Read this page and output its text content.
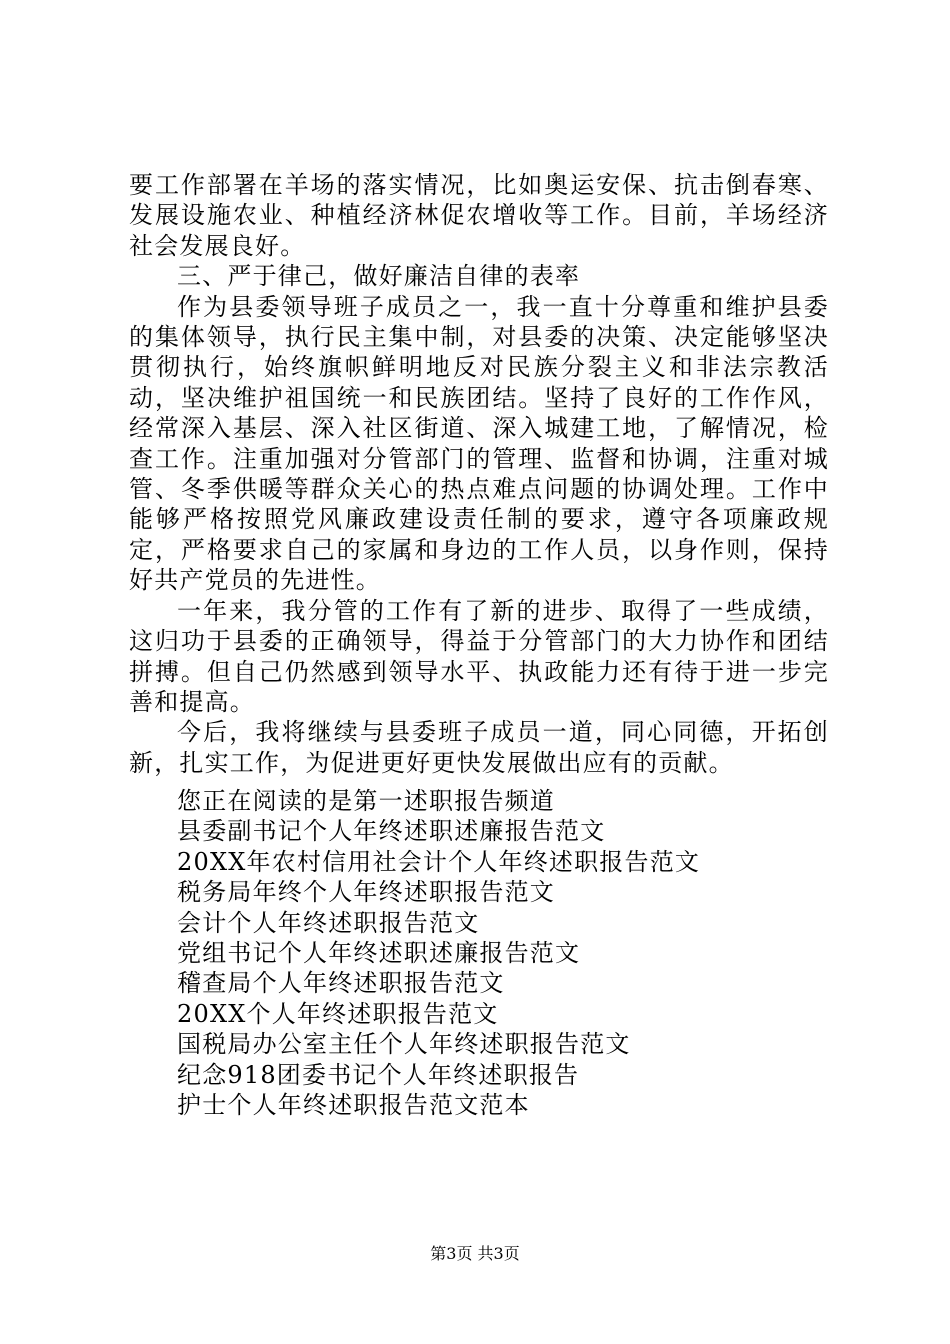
要工作部署在羊场的落实情况，比如奥运安保、抗击倒春寒、发展设施农业、种植经济林促农增收等工作。目前，羊场经济社会发展良好。

三、严于律己，做好廉洁自律的表率

作为县委领导班子成员之一，我一直十分尊重和维护县委的集体领导，执行民主集中制，对县委的决策、决定能够坚决贯彻执行，始终旗帜鲜明地反对民族分裂主义和非法宗教活动，坚决维护祖国统一和民族团结。坚持了良好的工作作风，经常深入基层、深入社区街道、深入城建工地，了解情况，检查工作。注重加强对分管部门的管理、监督和协调，注重对城管、冬季供暖等群众关心的热点难点问题的协调处理。工作中能够严格按照党风廉政建设责任制的要求，遵守各项廉政规定，严格要求自己的家属和身边的工作人员，以身作则，保持好共产党员的先进性。

一年来，我分管的工作有了新的进步、取得了一些成绩，这归功于县委的正确领导，得益于分管部门的大力协作和团结拼搏。但自己仍然感到领导水平、执政能力还有待于进一步完善和提高。

今后，我将继续与县委班子成员一道，同心同德，开拓创新，扎实工作，为促进更好更快发展做出应有的贡献。

您正在阅读的是第一述职报告频道
县委副书记个人年终述职述廉报告范文
20XX年农村信用社会计个人年终述职报告范文
税务局年终个人年终述职报告范文
会计个人年终述职报告范文
党组书记个人年终述职述廉报告范文
稽查局个人年终述职报告范文
20XX个人年终述职报告范文
国税局办公室主任个人年终述职报告范文
纪念918团委书记个人年终述职报告
护士个人年终述职报告范文范本
第3页 共3页
